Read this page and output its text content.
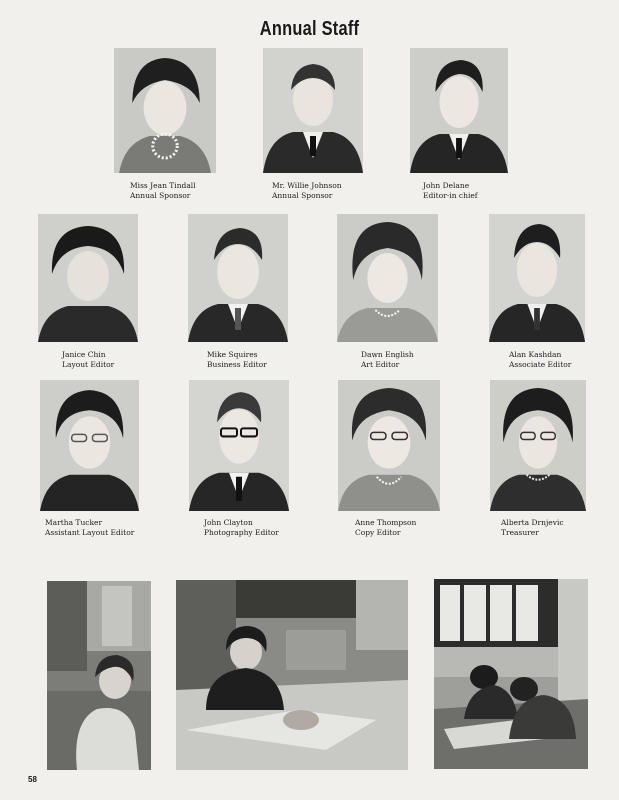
Annual Staff
Miss Jean Tindall
Annual Sponsor
Mr. Willie Johnson
Annual Sponsor
John Delane
Editor-in chief
Janice Chin
Layout Editor
Mike Squires
Business Editor
Dawn English
Art Editor
Alan Kashdan
Associate Editor
Martha Tucker
Assistant Layout Editor
John Clayton
Photography Editor
Anne Thompson
Copy Editor
Alberta Drnjevic
Treasurer
58
